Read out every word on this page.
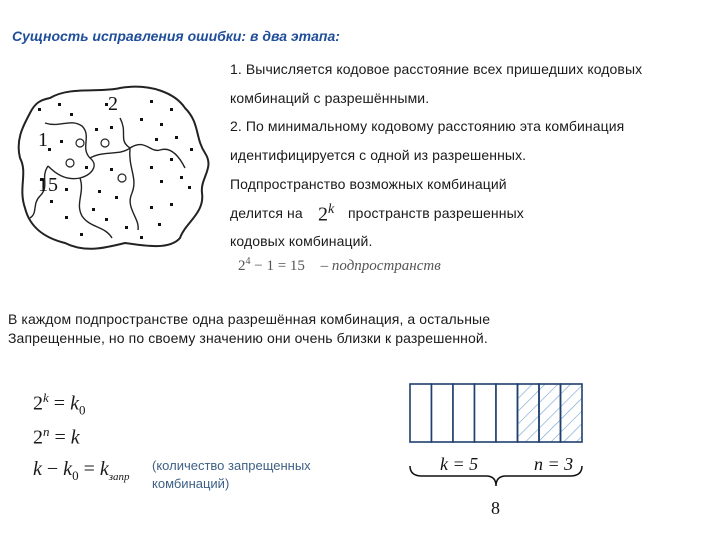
Сущность исправления ошибки: в два этапа:
2
1
15
1. Вычисляется кодовое расстояние всех пришедших кодовых
комбинаций с разрешёнными.
2. По минимальному кодовому расстоянию эта комбинация
идентифицируется с одной из разрешенных.
Подпространство возможных комбинаций
делится на 2$^k$ пространств разрешенных
кодовых комбинаций.
$2^4 - 1 = 15$ – подпространств
В каждом подпространстве одна разрешённая комбинация, а остальные
Запрещенные, но по своему значению они очень близки к разрешенной.
$2^k = k_0$
$2^n = k$
$k - k_0 = k_{запр}$
(количество запрещенных
комбинаций)
k = 5	n = 3
8
